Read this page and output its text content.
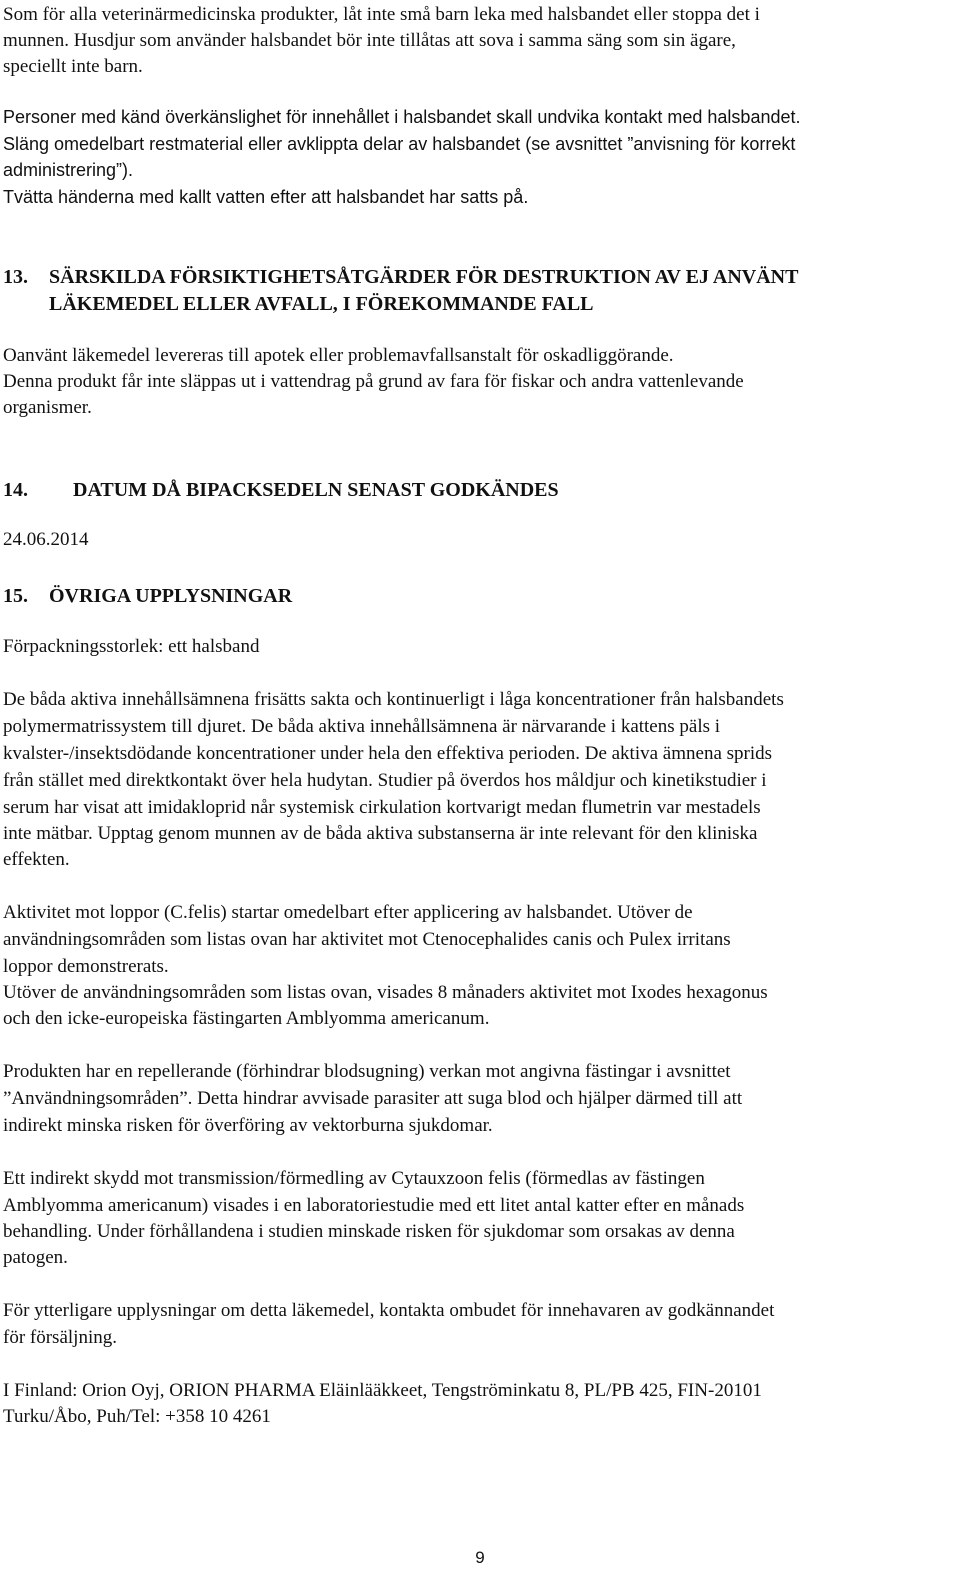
Som för alla veterinärmedicinska produkter, låt inte små barn leka med halsbandet eller stoppa det i
munnen. Husdjur som använder halsbandet bör inte tillåtas att sova i samma säng som sin ägare,
speciellt inte barn.
Personer med känd överkänslighet för innehållet i halsbandet skall undvika kontakt med halsbandet.
Släng omedelbart restmaterial eller avklippta delar av halsbandet (se avsnittet ”anvisning för korrekt
administrering”).
Tvätta händerna med kallt vatten efter att halsbandet har satts på.
13. SÄRSKILDA FÖRSIKTIGHETSÅTGÄRDER FÖR DESTRUKTION AV EJ ANVÄNT
LÄKEMEDEL ELLER AVFALL, I FÖREKOMMANDE FALL
Oanvänt läkemedel levereras till apotek eller problemavfallsanstalt för oskadliggörande.
Denna produkt får inte släppas ut i vattendrag på grund av fara för fiskar och andra vattenlevande
organismer.
14. DATUM DÅ BIPACKSEDELN SENAST GODKÄNDES
24.06.2014
15. ÖVRIGA UPPLYSNINGAR
Förpackningsstorlek: ett halsband
De båda aktiva innehållsämnena frisätts sakta och kontinuerligt i låga koncentrationer från halsbandets
polymermatrissystem till djuret. De båda aktiva innehållsämnena är närvarande i kattens päls i
kvalster-/insektsdödande koncentrationer under hela den effektiva perioden. De aktiva ämnena sprids
från stället med direktkontakt över hela hudytan. Studier på överdos hos måldjur och kinetikstudier i
serum har visat att imidakloprid når systemisk cirkulation kortvarigt medan flumetrin var mestadels
inte mätbar. Upptag genom munnen av de båda aktiva substanserna är inte relevant för den kliniska
effekten.
Aktivitet mot loppor (C.felis) startar omedelbart efter applicering av halsbandet. Utöver de
användningsområden som listas ovan har aktivitet mot Ctenocephalides canis och Pulex irritans
loppor demonstrerats.
Utöver de användningsområden som listas ovan, visades 8 månaders aktivitet mot Ixodes hexagonus
och den icke-europeiska fästingarten Amblyomma americanum.
Produkten har en repellerande (förhindrar blodsugning) verkan mot angivna fästingar i avsnittet
”Användningsområden”. Detta hindrar avvisade parasiter att suga blod och hjälper därmed till att
indirekt minska risken för överföring av vektorburna sjukdomar.
Ett indirekt skydd mot transmission/förmedling av Cytauxzoon felis (förmedlas av fästingen
Amblyomma americanum) visades i en laboratoriestudie med ett litet antal katter efter en månads
behandling. Under förhållandena i studien minskade risken för sjukdomar som orsakas av denna
patogen.
För ytterligare upplysningar om detta läkemedel, kontakta ombudet för innehavaren av godkännandet
för försäljning.
I Finland: Orion Oyj, ORION PHARMA Eläinlääkkeet, Tengströminkatu 8, PL/PB 425, FIN-20101
Turku/Åbo, Puh/Tel: +358 10 4261
9
